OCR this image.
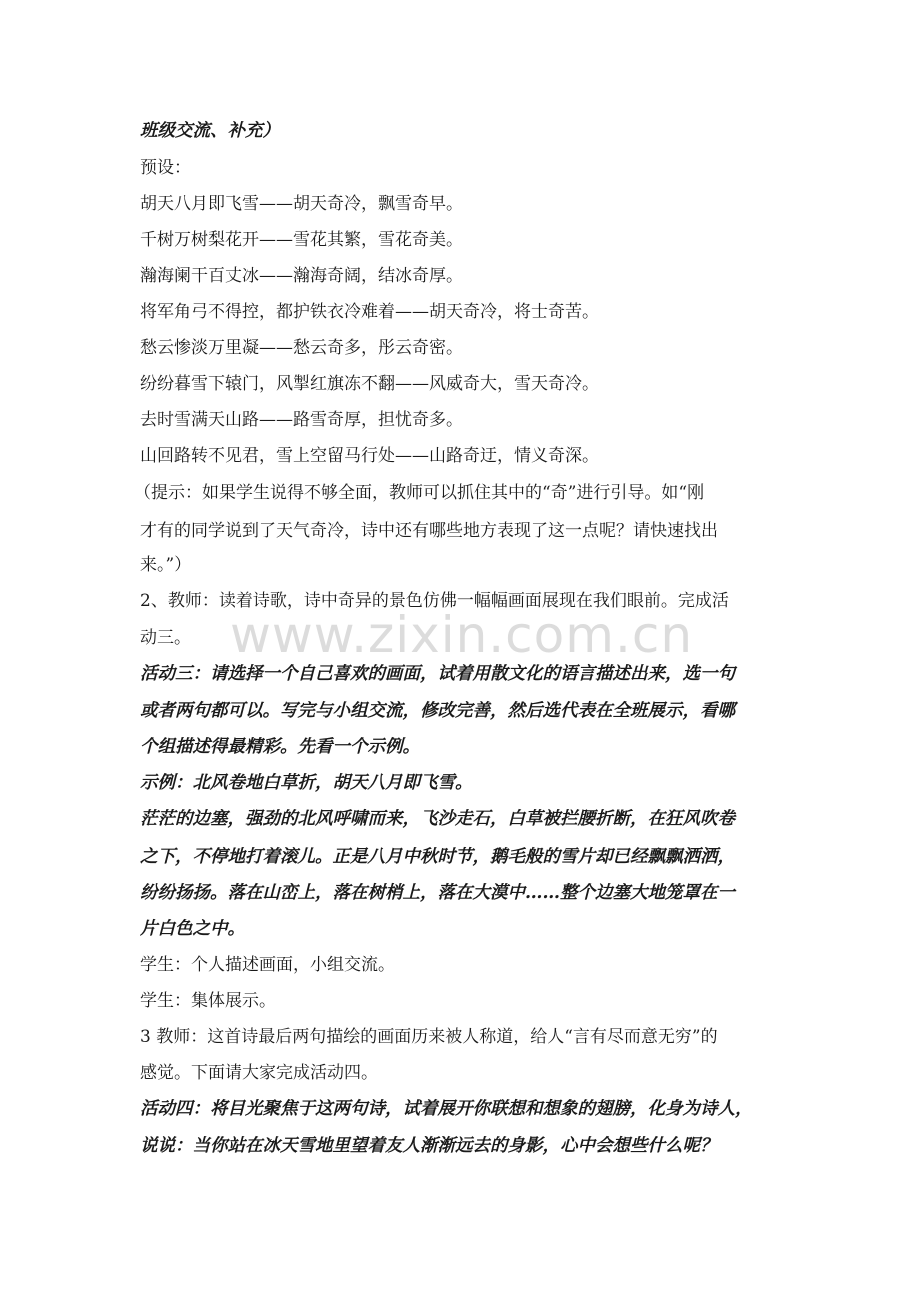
www.zixin.com.cn
班级交流、补充）
预设：
胡天八月即飞雪——胡天奇冷，飘雪奇早。
千树万树梨花开——雪花其繁，雪花奇美。
瀚海阑干百丈冰——瀚海奇阔，结冰奇厚。
将军角弓不得控，都护铁衣冷难着——胡天奇冷，将士奇苦。
愁云惨淡万里凝——愁云奇多，彤云奇密。
纷纷暮雪下辕门，风掣红旗冻不翻——风威奇大，雪天奇冷。
去时雪满天山路——路雪奇厚，担忧奇多。
山回路转不见君，雪上空留马行处——山路奇迂，情义奇深。
（提示：如果学生说得不够全面，教师可以抓住其中的“奇”进行引导。如“刚
才有的同学说到了天气奇冷，诗中还有哪些地方表现了这一点呢？请快速找出
来。”）
2、教师：读着诗歌，诗中奇异的景色仿佛一幅幅画面展现在我们眼前。完成活
动三。
活动三：请选择一个自己喜欢的画面，试着用散文化的语言描述出来，选一句
或者两句都可以。写完与小组交流，修改完善，然后选代表在全班展示，看哪
个组描述得最精彩。先看一个示例。
示例：北风卷地白草折，胡天八月即飞雪。
茫茫的边塞，强劲的北风呼啸而来，飞沙走石，白草被拦腰折断，在狂风吹卷
之下，不停地打着滚儿。正是八月中秋时节，鹅毛般的雪片却已经飘飘洒洒，
纷纷扬扬。落在山峦上，落在树梢上，落在大漠中……整个边塞大地笼罩在一
片白色之中。
学生：个人描述画面，小组交流。
学生：集体展示。
3 教师：这首诗最后两句描绘的画面历来被人称道，给人“言有尽而意无穷”的
感觉。下面请大家完成活动四。
活动四：将目光聚焦于这两句诗，试着展开你联想和想象的翅膀，化身为诗人，
说说：当你站在冰天雪地里望着友人渐渐远去的身影，心中会想些什么呢？
